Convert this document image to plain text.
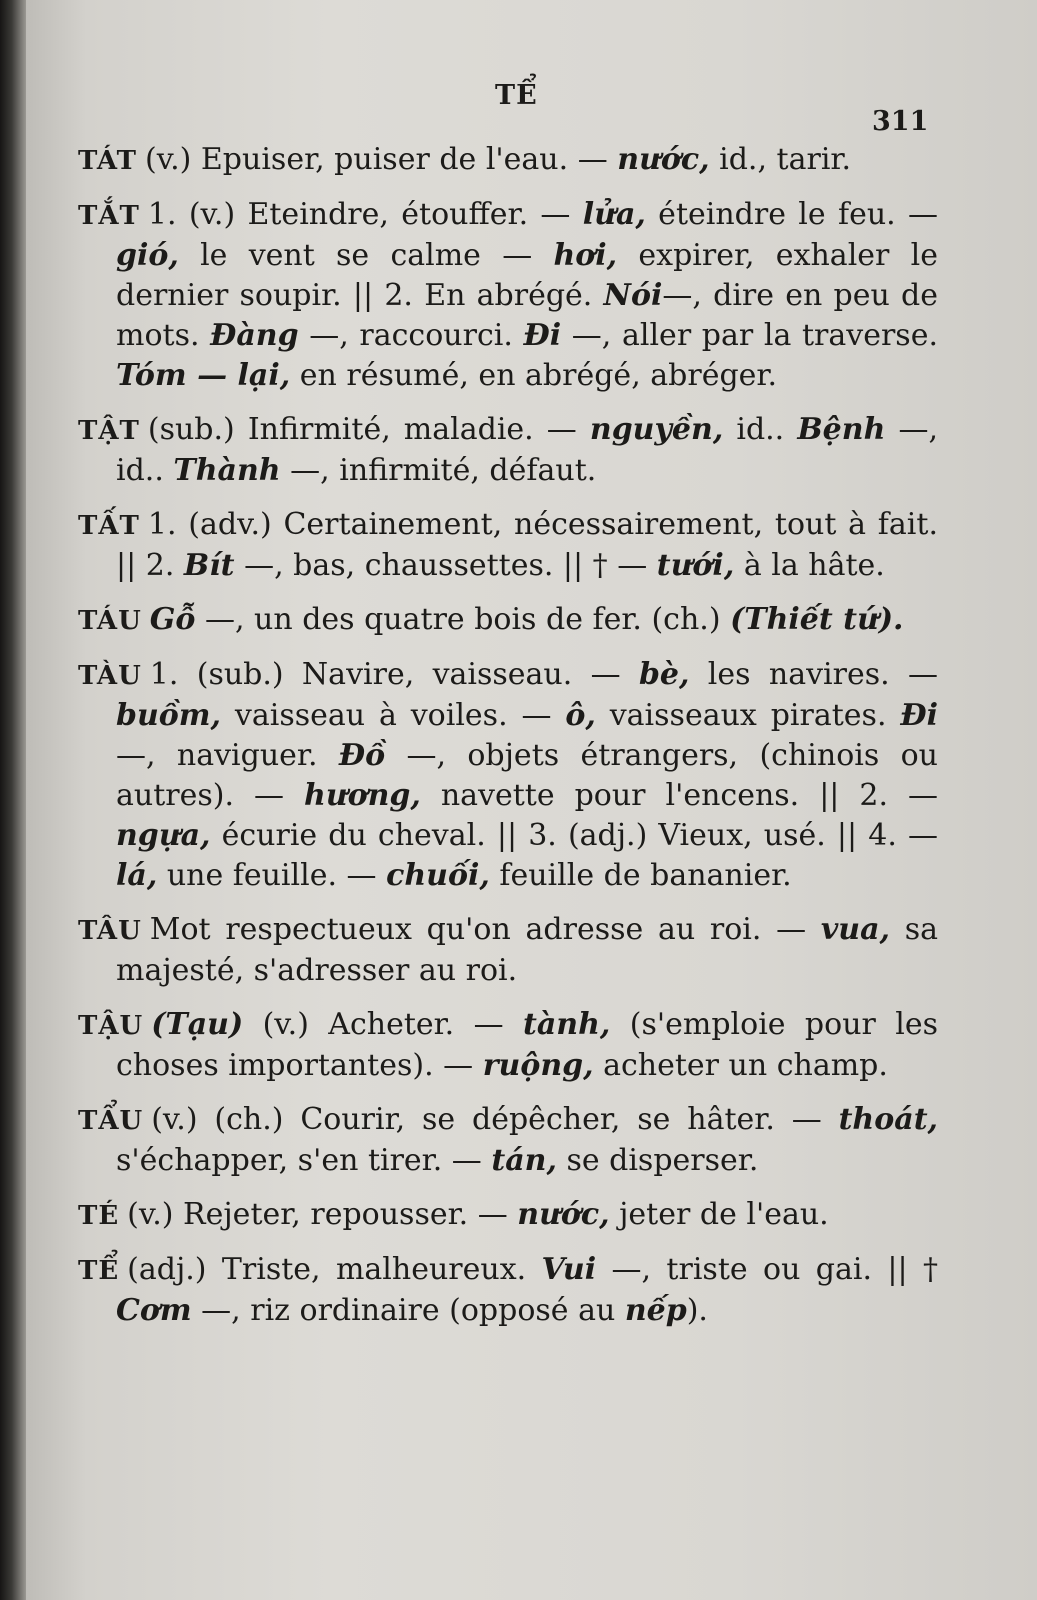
TỂ
311

TÁT (v.) Epuiser, puiser de l'eau. — nước, id., tarir.

TẮT 1. (v.) Eteindre, étouffer. — lửa, éteindre le feu. — gió, le vent se calme — hơi, expirer, exhaler le dernier soupir. || 2. En abrégé. Nói—, dire en peu de mots. Đàng —, raccourci. Đi —, aller par la traverse. Tóm — lại, en résumé, en abrégé, abréger.

TẬT (sub.) Infirmité, maladie. — nguyền, id.. Bệnh —, id.. Thành —, infirmité, défaut.

TẤT 1. (adv.) Certainement, nécessairement, tout à fait. || 2. Bít —, bas, chaussettes. || † — tưới, à la hâte.

TÁU Gỗ —, un des quatre bois de fer. (ch.) (Thiết tứ).

TÀU 1. (sub.) Navire, vaisseau. — bè, les navires. — buồm, vaisseau à voiles. — ô, vaisseaux pirates. Đi —, naviguer. Đồ —, objets étrangers, (chinois ou autres). — hương, navette pour l'encens. || 2. — ngựa, écurie du cheval. || 3. (adj.) Vieux, usé. || 4. — lá, une feuille. — chuối, feuille de bananier.

TÂU Mot respectueux qu'on adresse au roi. — vua, sa majesté, s'adresser au roi.

TẬU (Tạu) (v.) Acheter. — tành, (s'emploie pour les choses importantes). — ruộng, acheter un champ.

TẨU (v.) (ch.) Courir, se dépêcher, se hâter. — thoát, s'échapper, s'en tirer. — tán, se disperser.

TÉ (v.) Rejeter, repousser. — nước, jeter de l'eau.

TỂ (adj.) Triste, malheureux. Vui —, triste ou gai. || † Cơm —, riz ordinaire (opposé au nếp).
